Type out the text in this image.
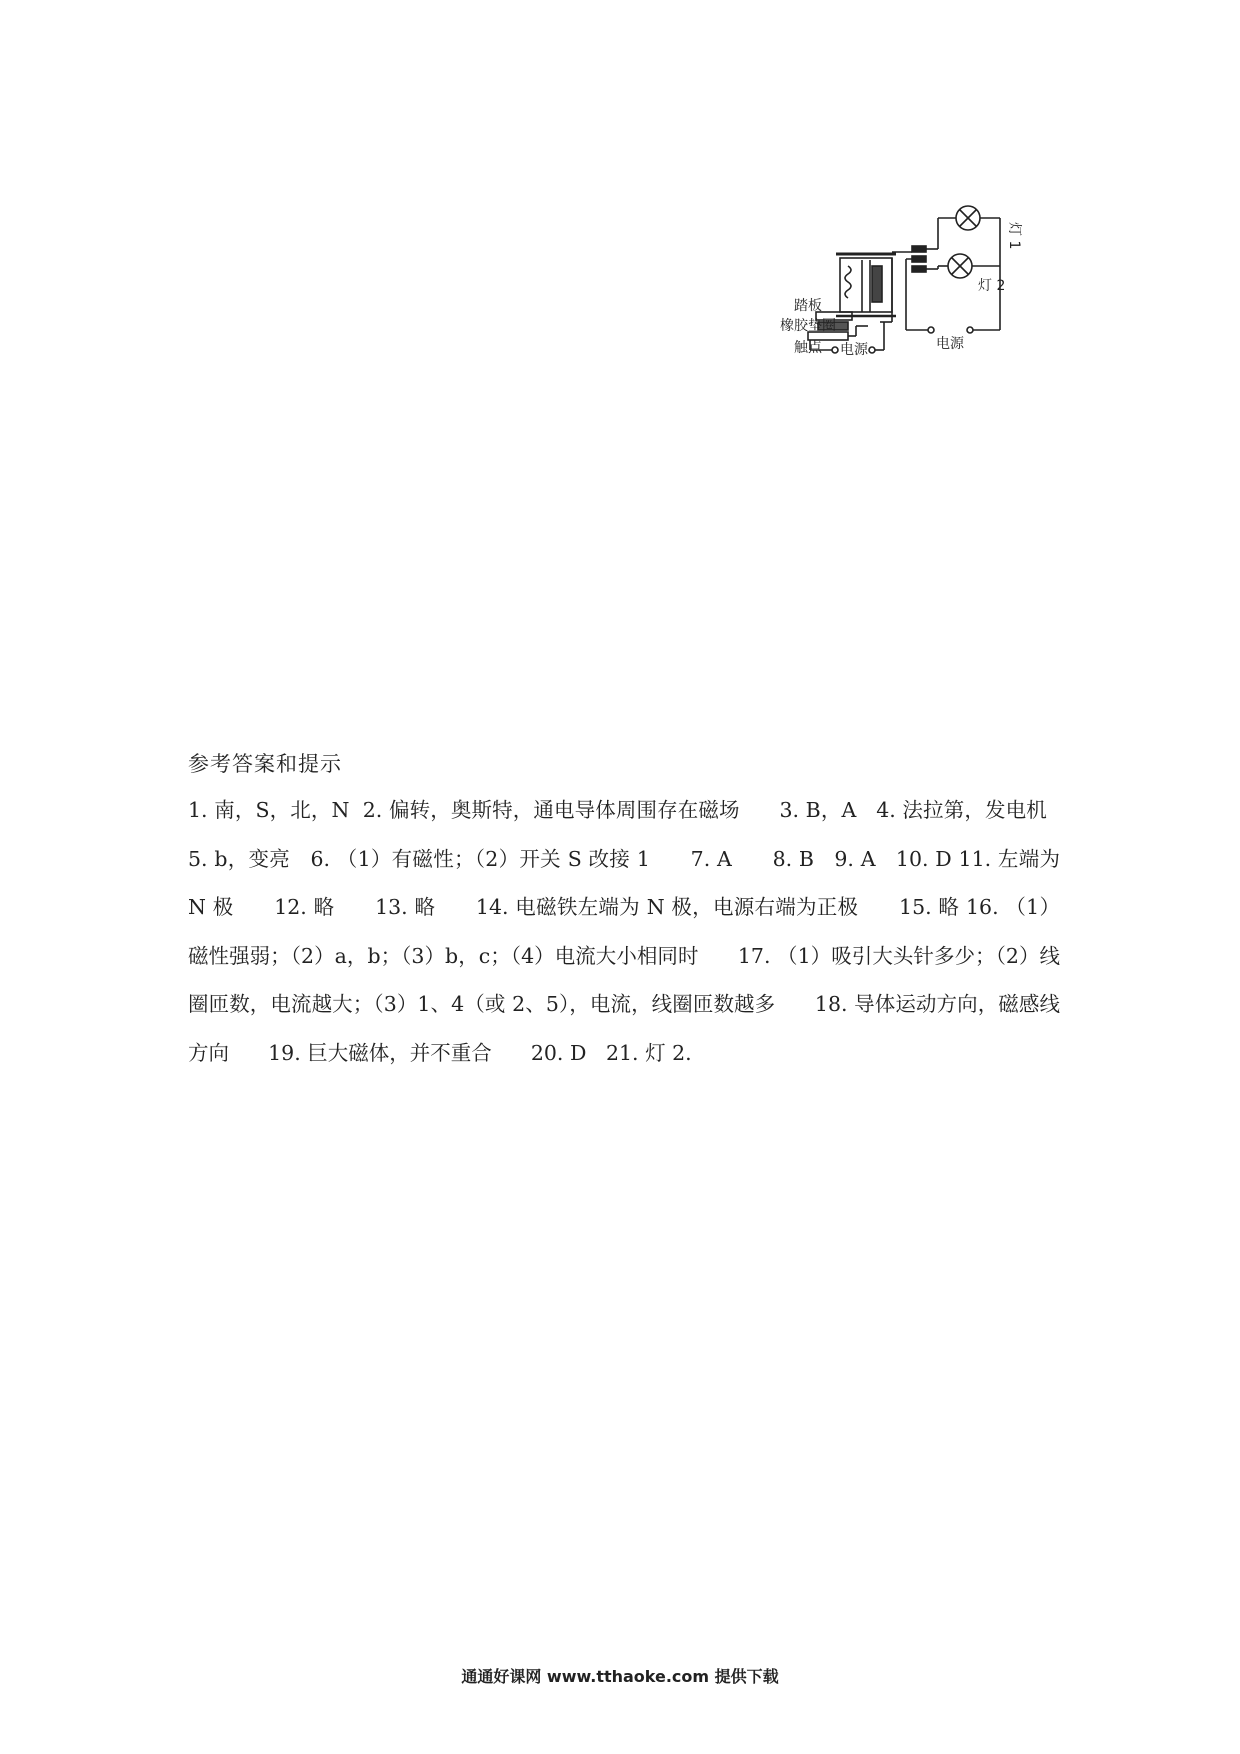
踏板
橡胶垫圈
触点 电源	电源
灯 1
灯 2
参考答案和提示
1. 南，S，北，N 2. 偏转，奥斯特，通电导体周围存在磁场 3. B，A 4. 法拉第，发电机   5. b，变亮 6. （1）有磁性；（2）开关 S 改接 1 7. A 8. B 9. A 10. D 11. 左端为 N 极 12. 略 13. 略 14. 电磁铁左端为 N 极，电源右端为正极 15. 略 16. （1）磁性强弱；（2）a，b；（3）b，c；（4）电流大小相同时 17. （1）吸引大头针多少；（2）线圈匝数，电流越大；（3）1、4（或 2、5），电流，线圈匝数越多 18. 导体运动方向，磁感线方向 19. 巨大磁体，并不重合 20. D 21. 灯 2.
通通好课网 www.tthaoke.com 提供下载
